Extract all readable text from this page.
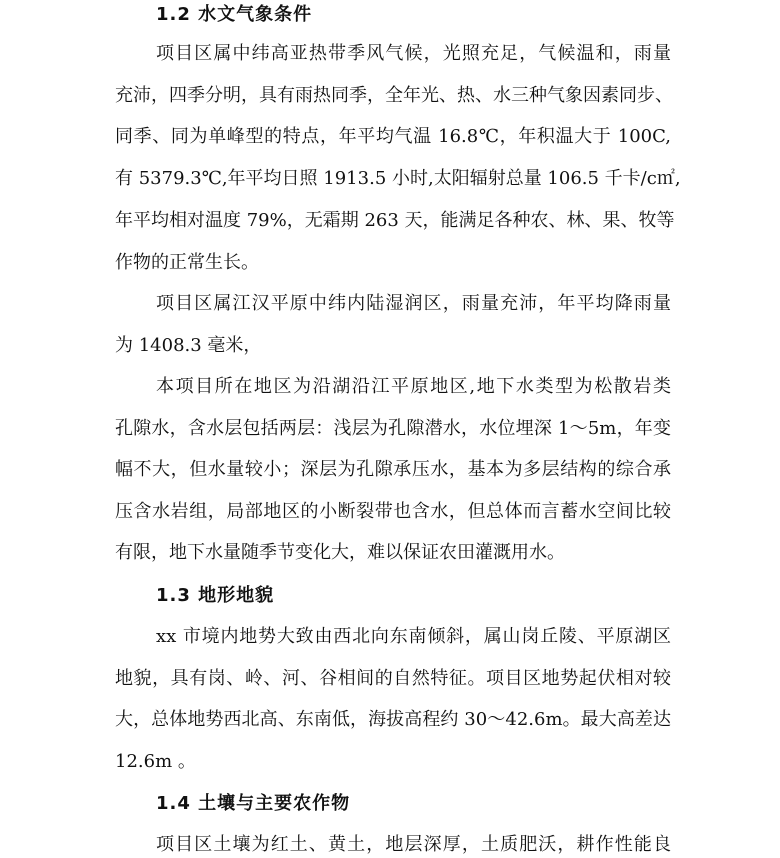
1.2 水文气象条件
项目区属中纬高亚热带季风气候，光照充足，气候温和，雨量
充沛，四季分明，具有雨热同季，全年光、热、水三种气象因素同步、
同季、同为单峰型的特点，年平均气温 16.8℃，年积温大于 100C,
有 5379.3℃,年平均日照 1913.5 小时,太阳辐射总量 106.5 千卡/c㎡,
年平均相对温度 79%，无霜期 263 天，能满足各种农、林、果、牧等
作物的正常生长。
项目区属江汉平原中纬内陆湿润区，雨量充沛，年平均降雨量
为 1408.3 毫米，
本项目所在地区为沿湖沿江平原地区,地下水类型为松散岩类
孔隙水，含水层包括两层：浅层为孔隙潜水，水位埋深 1～5m，年变
幅不大，但水量较小；深层为孔隙承压水，基本为多层结构的综合承
压含水岩组，局部地区的小断裂带也含水，但总体而言蓄水空间比较
有限，地下水量随季节变化大，难以保证农田灌溉用水。
1.3 地形地貌
xx 市境内地势大致由西北向东南倾斜，属山岗丘陵、平原湖区
地貌，具有岗、岭、河、谷相间的自然特征。项目区地势起伏相对较
大，总体地势西北高、东南低，海拔高程约 30～42.6m。最大高差达
12.6m 。
1.4 土壤与主要农作物
项目区土壤为红土、黄土，地层深厚，土质肥沃，耕作性能良
